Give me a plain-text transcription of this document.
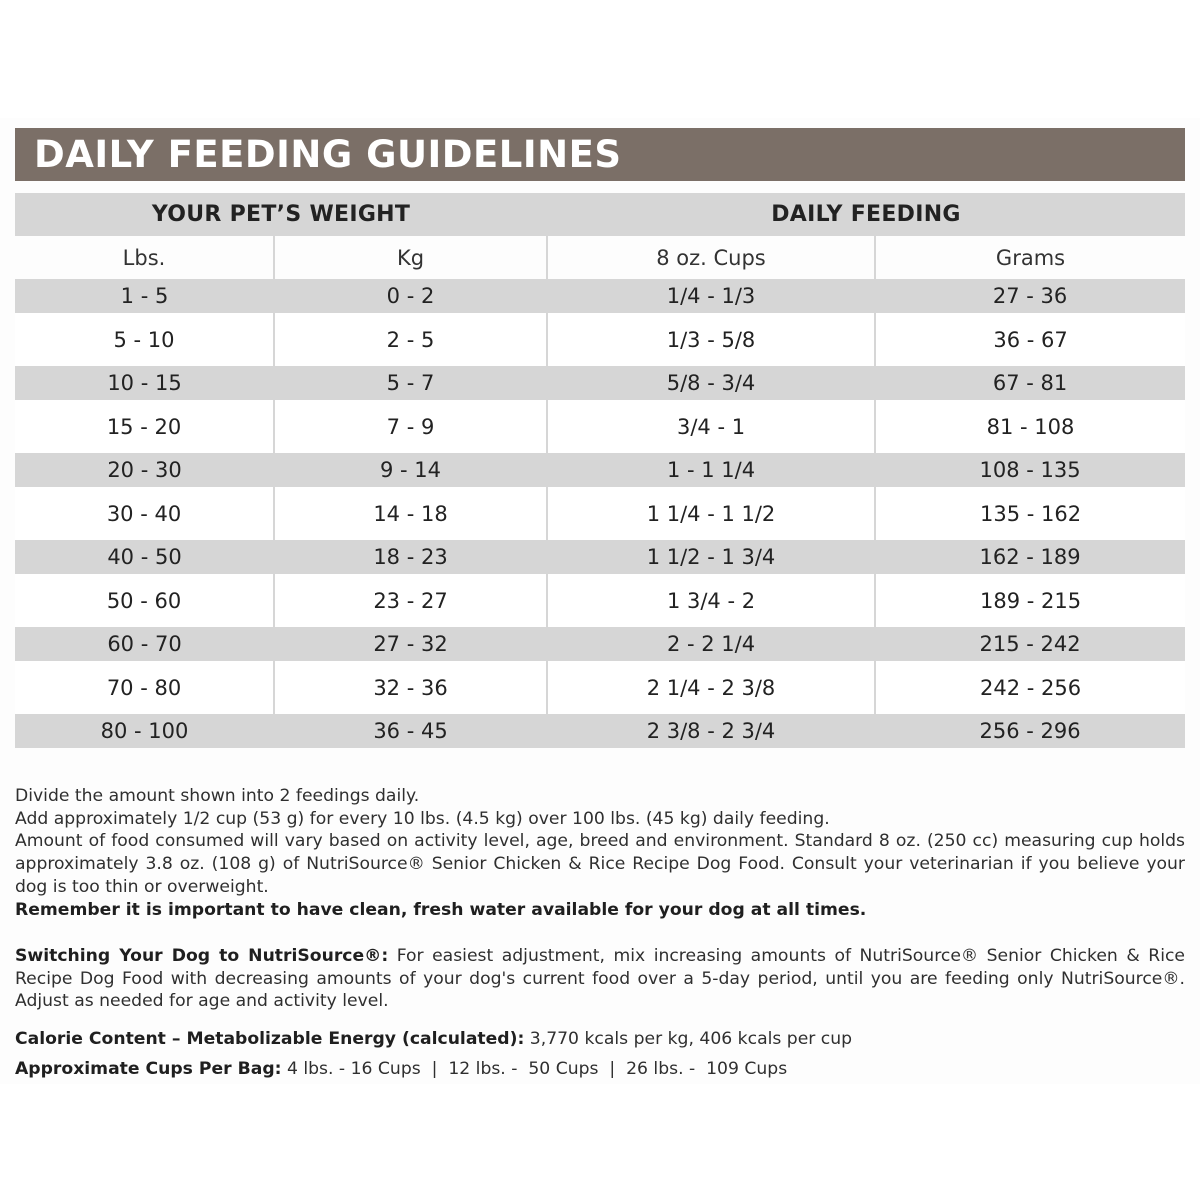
DAILY FEEDING GUIDELINES
YOUR PET’S WEIGHT		DAILY FEEDING	
Lbs.	Kg	8 oz. Cups	Grams
1 - 5	0 - 2	1∕4 - 1∕3	27 - 36
5 - 10	2 - 5	1∕3 - 5∕8	36 - 67
10 - 15	5 - 7	5∕8 - 3∕4	67 - 81
15 - 20	7 - 9	3∕4 - 1	81 - 108
20 - 30	9 - 14	1 - 1 1∕4	108 - 135
30 - 40	14 - 18	1 1∕4 - 1 1∕2	135 - 162
40 - 50	18 - 23	1 1∕2 - 1 3∕4	162 - 189
50 - 60	23 - 27	1 3∕4 - 2	189 - 215
60 - 70	27 - 32	2 - 2 1∕4	215 - 242
70 - 80	32 - 36	2 1∕4 - 2 3∕8	242 - 256
80 - 100	36 - 45	2 3∕8 - 2 3∕4	256 - 296

Divide the amount shown into 2 feedings daily.

Add approximately 1/2 cup (53 g) for every 10 lbs. (4.5 kg) over 100 lbs. (45 kg) daily feeding.

Amount of food consumed will vary based on activity level, age, breed and environment. Standard 8 oz. (250 cc) measuring cup holds approximately 3.8 oz. (108 g) of NutriSource® Senior Chicken & Rice Recipe Dog Food. Consult your veterinarian if you believe your dog is too thin or overweight.

Remember it is important to have clean, fresh water available for your dog at all times.

Switching Your Dog to NutriSource®: For easiest adjustment, mix increasing amounts of NutriSource® Senior Chicken & Rice Recipe Dog Food with decreasing amounts of your dog's current food over a 5-day period, until you are feeding only NutriSource®. Adjust as needed for age and activity level.
Calorie Content – Metabolizable Energy (calculated): 3,770 kcals per kg, 406 kcals per cup
Approximate Cups Per Bag: 4 lbs. - 16 Cups  |  12 lbs. -  50 Cups  |  26 lbs. -  109 Cups
